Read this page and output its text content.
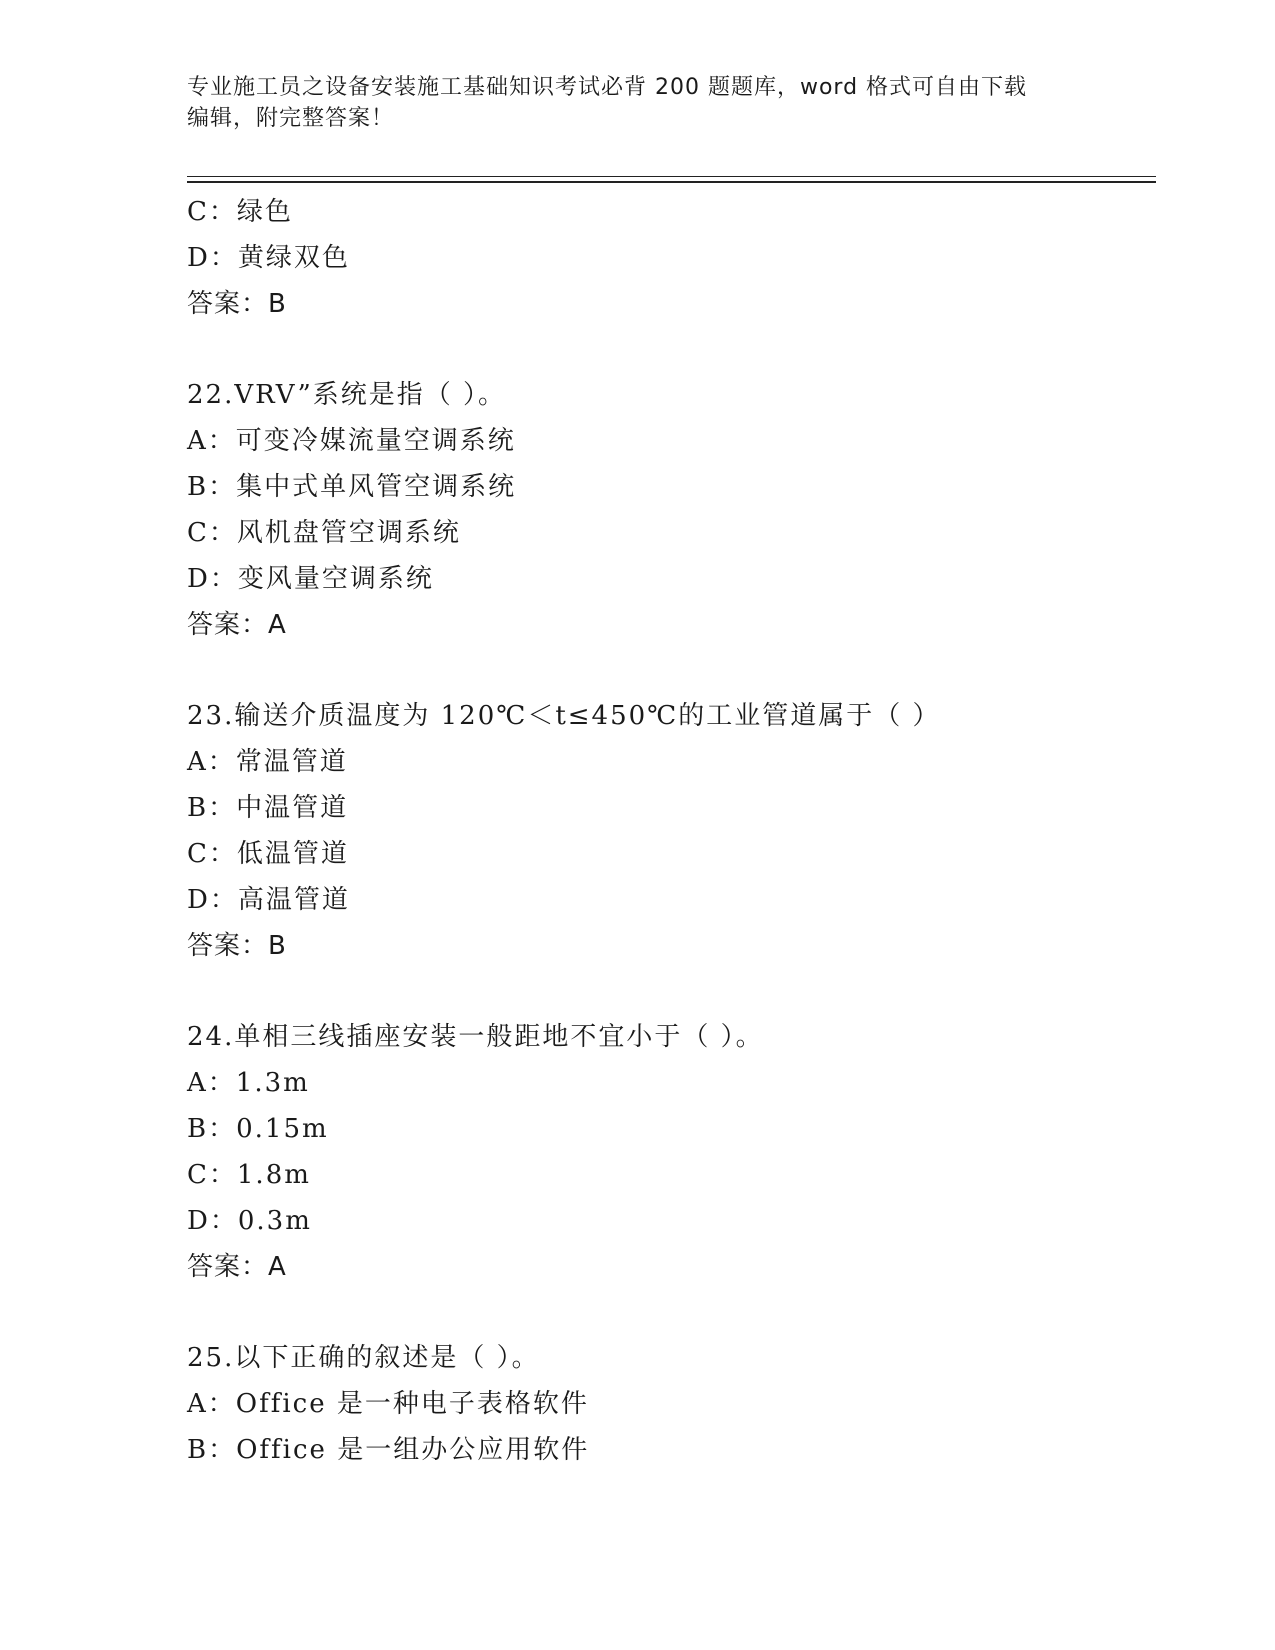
专业施工员之设备安装施工基础知识考试必背 200 题题库，word 格式可自由下载
编辑，附完整答案！
C：绿色
D：黄绿双色
答案：B
22.VRV”系统是指（ ）。
A：可变冷媒流量空调系统
B：集中式单风管空调系统
C：风机盘管空调系统
D：变风量空调系统
答案：A
23.输送介质温度为 120℃＜t≤450℃的工业管道属于（ ）
A：常温管道
B：中温管道
C：低温管道
D：高温管道
答案：B
24.单相三线插座安装一般距地不宜小于（ ）。
A：1.3m
B：0.15m
C：1.8m
D：0.3m
答案：A
25.以下正确的叙述是（ ）。
A：Office 是一种电子表格软件
B：Office 是一组办公应用软件
